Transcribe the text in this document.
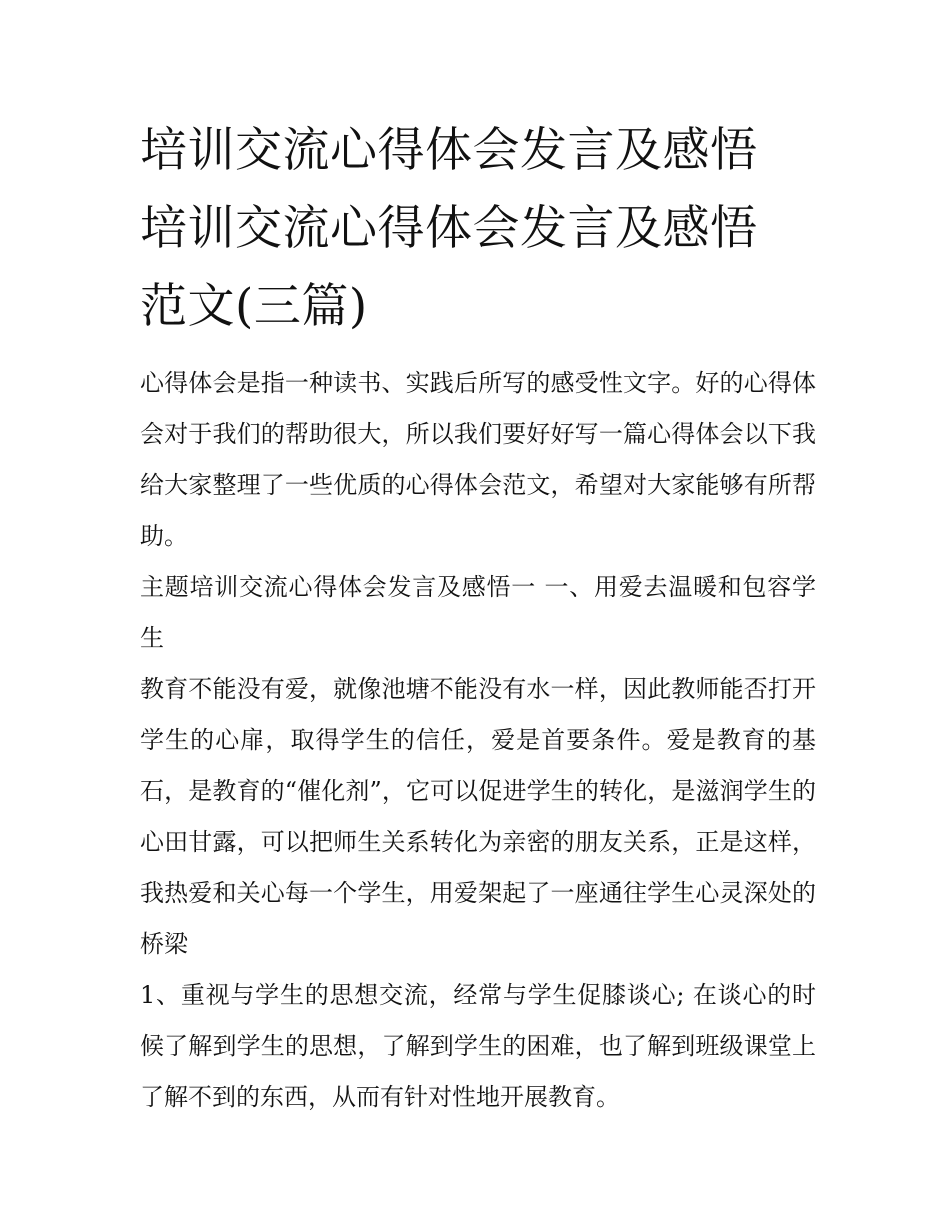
培训交流心得体会发言及感悟
培训交流心得体会发言及感悟
范文(三篇)

心得体会是指一种读书、实践后所写的感受性文字。好的心得体会对于我们的帮助很大，所以我们要好好写一篇心得体会以下我给大家整理了一些优质的心得体会范文，希望对大家能够有所帮助。

主题培训交流心得体会发言及感悟一 一、用爱去温暖和包容学生

教育不能没有爱，就像池塘不能没有水一样，因此教师能否打开学生的心扉，取得学生的信任，爱是首要条件。爱是教育的基石，是教育的“催化剂”，它可以促进学生的转化，是滋润学生的心田甘露，可以把师生关系转化为亲密的朋友关系，正是这样，我热爱和关心每一个学生，用爱架起了一座通往学生心灵深处的桥梁

1、重视与学生的思想交流，经常与学生促膝谈心; 在谈心的时候了解到学生的思想，了解到学生的困难，也了解到班级课堂上了解不到的东西，从而有针对性地开展教育。
